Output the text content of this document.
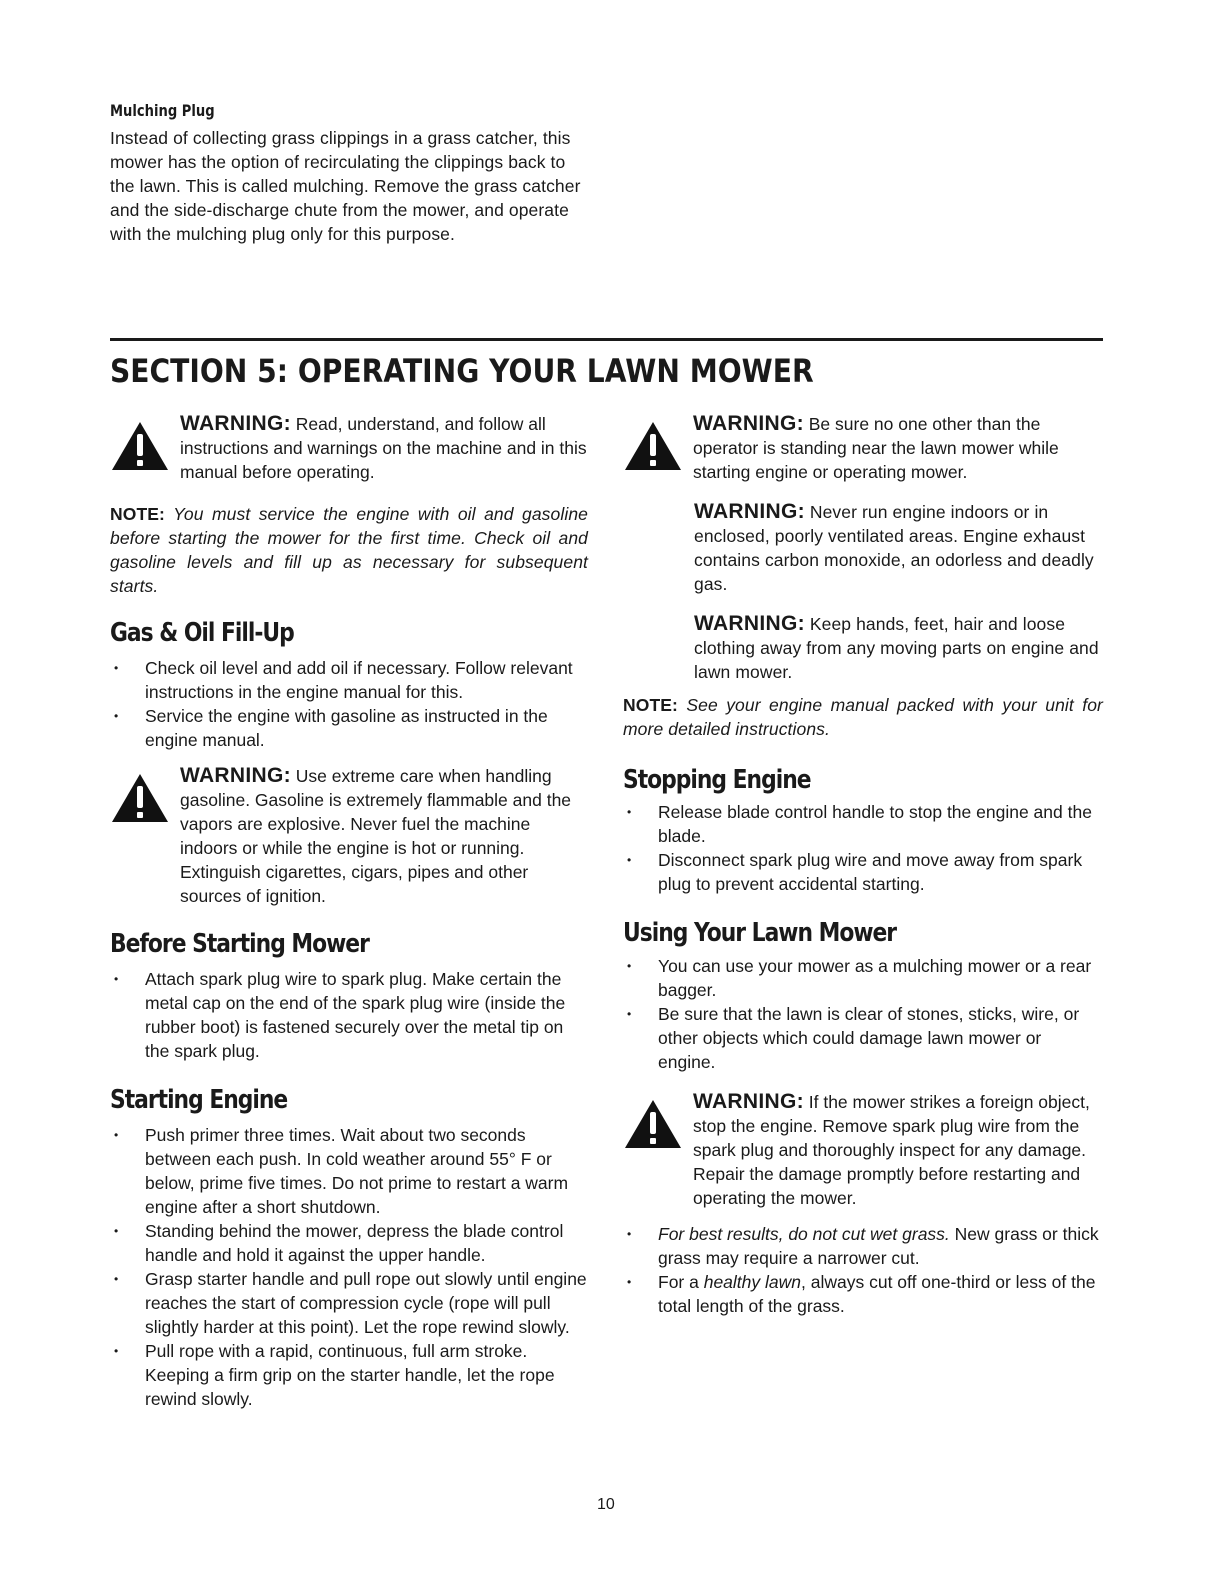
Mulching Plug
Instead of collecting grass clippings in a grass catcher, this mower has the option of recirculating the clippings back to the lawn. This is called mulching. Remove the grass catcher and the side-discharge chute from the mower, and operate with the mulching plug only for this purpose.
SECTION 5: OPERATING YOUR LAWN MOWER
WARNING: Read, understand, and follow all instructions and warnings on the machine and in this manual before operating.
NOTE: You must service the engine with oil and gasoline before starting the mower for the first time. Check oil and gasoline levels and fill up as necessary for subsequent starts.
Gas & Oil Fill-Up
• Check oil level and add oil if necessary. Follow relevant instructions in the engine manual for this.
• Service the engine with gasoline as instructed in the engine manual.
WARNING: Use extreme care when handling gasoline. Gasoline is extremely flammable and the vapors are explosive. Never fuel the machine indoors or while the engine is hot or running. Extinguish cigarettes, cigars, pipes and other sources of ignition.
Before Starting Mower
• Attach spark plug wire to spark plug. Make certain the metal cap on the end of the spark plug wire (inside the rubber boot) is fastened securely over the metal tip on the spark plug.
Starting Engine
• Push primer three times. Wait about two seconds between each push. In cold weather around 55° F or below, prime five times. Do not prime to restart a warm engine after a short shutdown.
• Standing behind the mower, depress the blade control handle and hold it against the upper handle.
• Grasp starter handle and pull rope out slowly until engine reaches the start of compression cycle (rope will pull slightly harder at this point). Let the rope rewind slowly.
• Pull rope with a rapid, continuous, full arm stroke. Keeping a firm grip on the starter handle, let the rope rewind slowly.
WARNING: Be sure no one other than the operator is standing near the lawn mower while starting engine or operating mower.
WARNING: Never run engine indoors or in enclosed, poorly ventilated areas. Engine exhaust contains carbon monoxide, an odorless and deadly gas.
WARNING: Keep hands, feet, hair and loose clothing away from any moving parts on engine and lawn mower.
NOTE: See your engine manual packed with your unit for more detailed instructions.
Stopping Engine
• Release blade control handle to stop the engine and the blade.
• Disconnect spark plug wire and move away from spark plug to prevent accidental starting.
Using Your Lawn Mower
• You can use your mower as a mulching mower or a rear bagger.
• Be sure that the lawn is clear of stones, sticks, wire, or other objects which could damage lawn mower or engine.
WARNING: If the mower strikes a foreign object, stop the engine. Remove spark plug wire from the spark plug and thoroughly inspect for any damage. Repair the damage promptly before restarting and operating the mower.
• For best results, do not cut wet grass. New grass or thick grass may require a narrower cut.
• For a healthy lawn, always cut off one-third or less of the total length of the grass.
10
